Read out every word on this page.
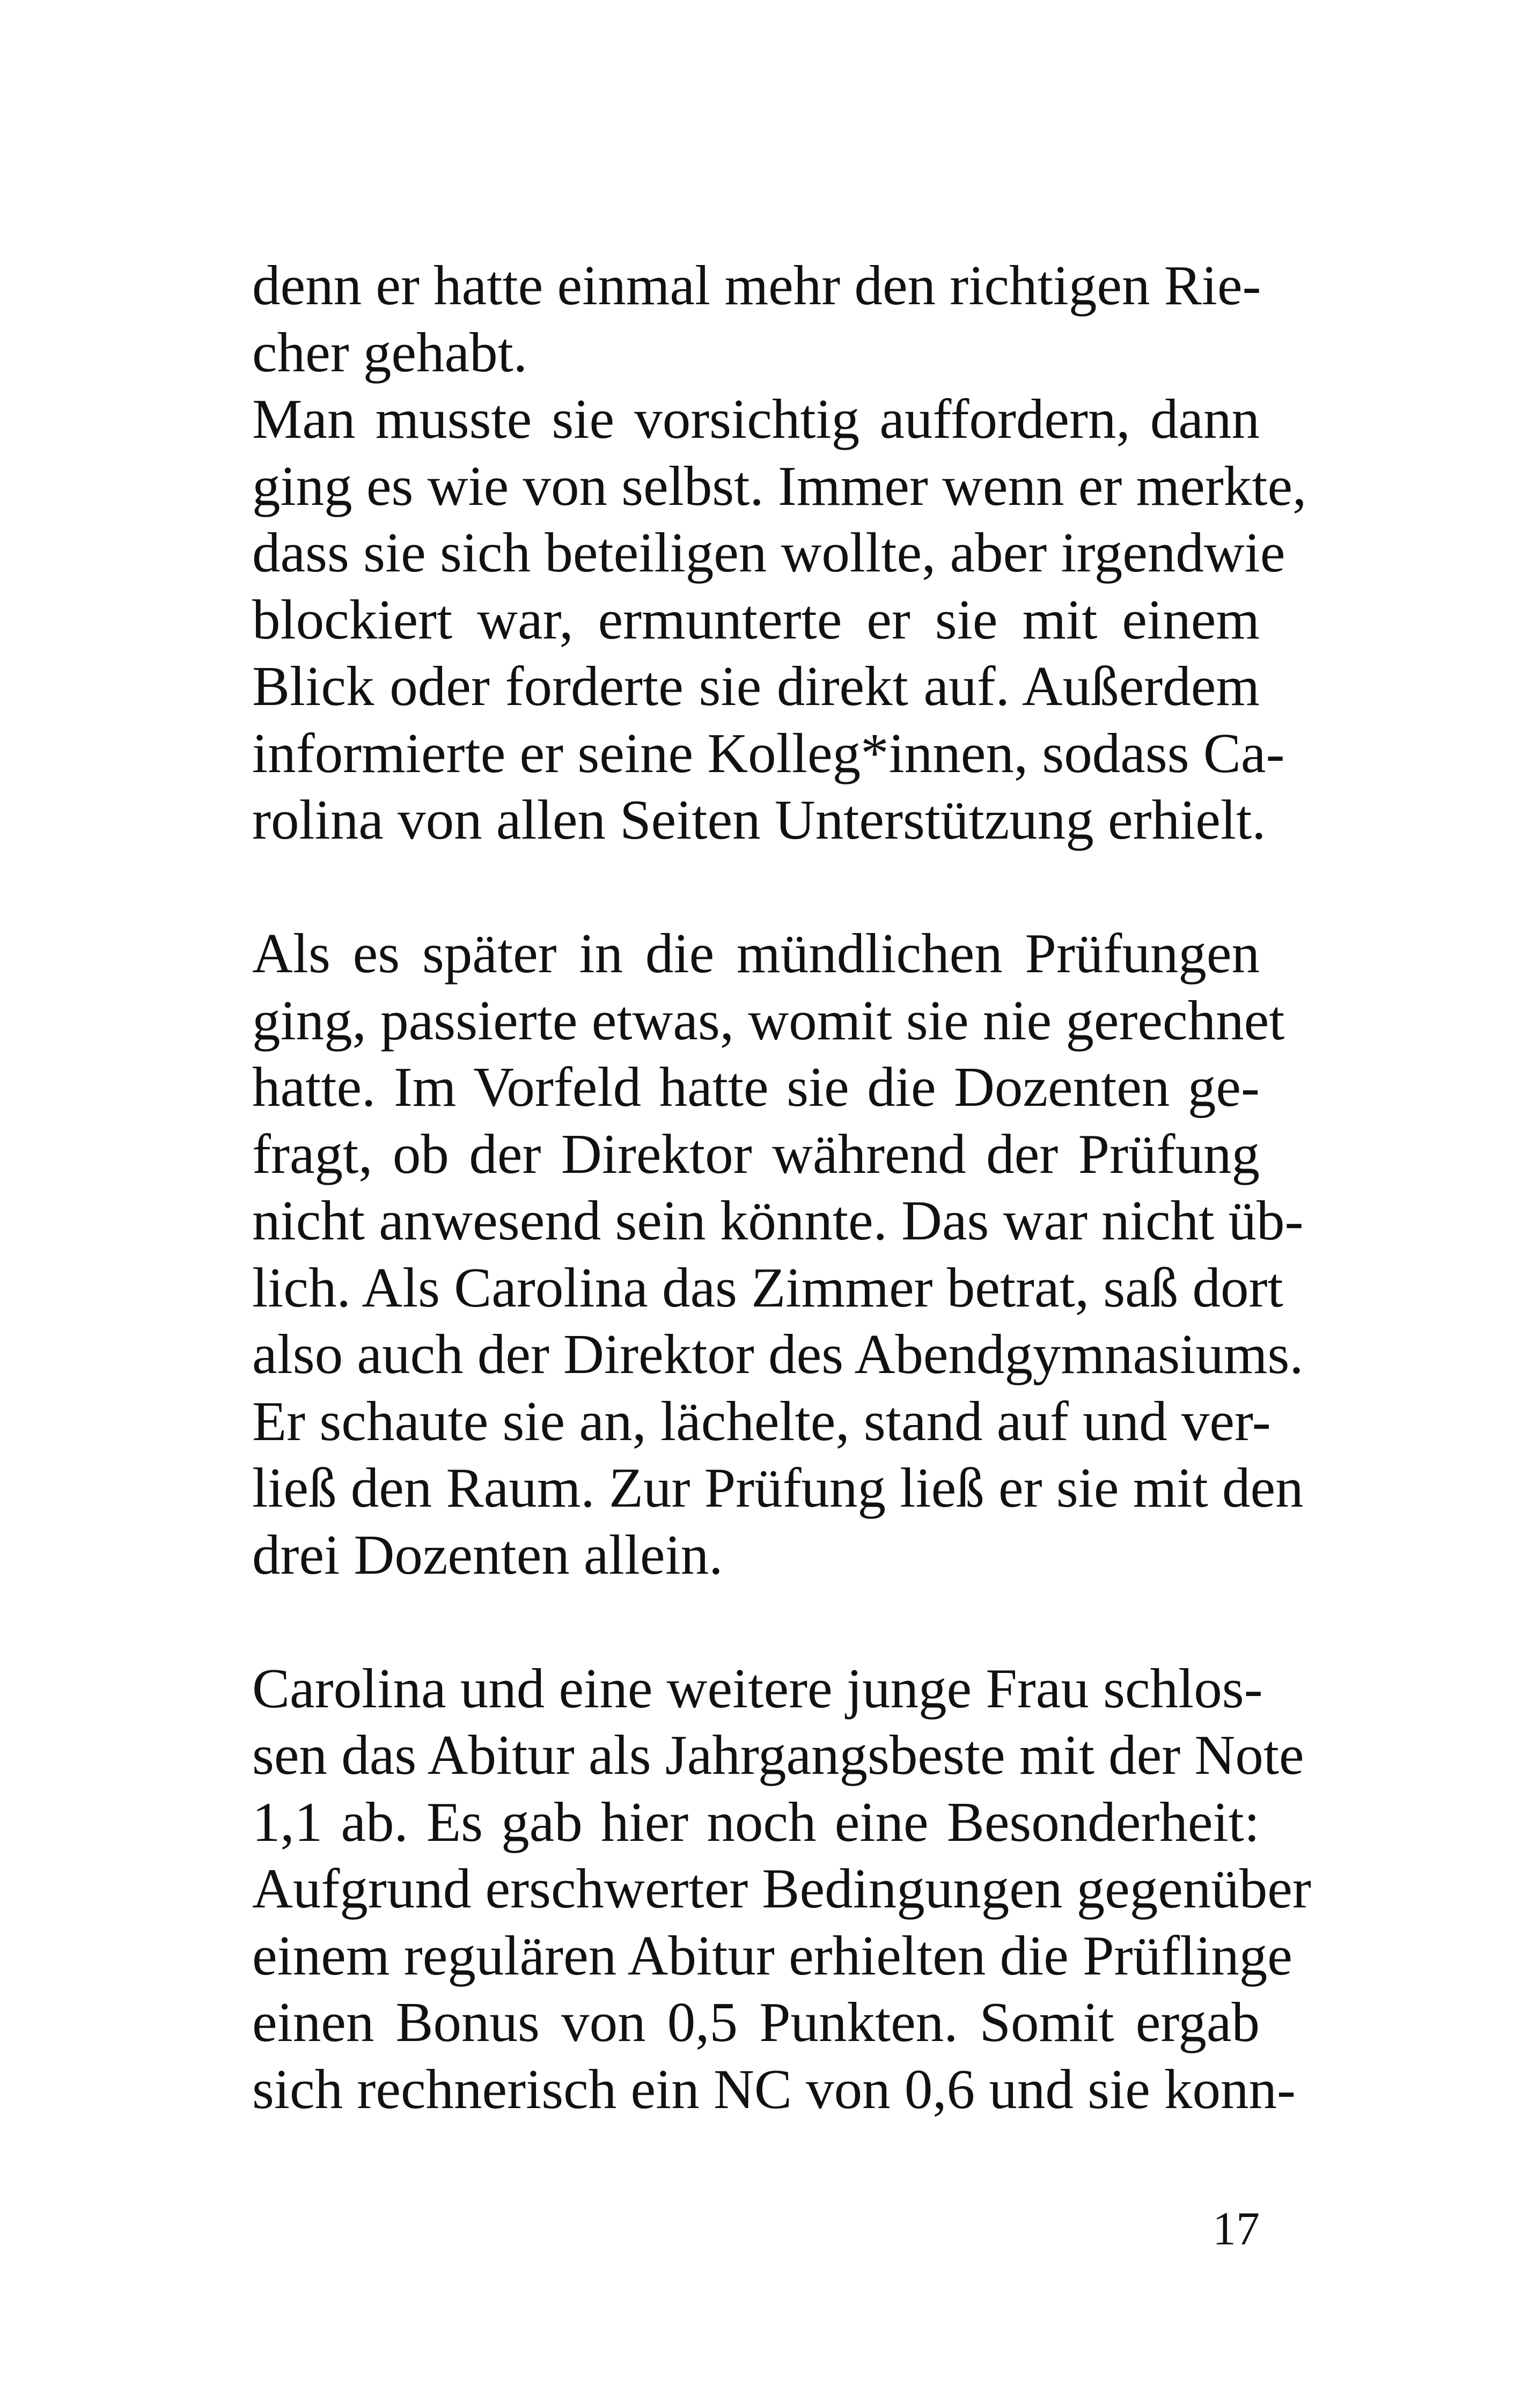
denn er hatte einmal mehr den richtigen Rie-
cher gehabt.

Man musste sie vorsichtig auffordern, dann
ging es wie von selbst. Immer wenn er merkte,
dass sie sich beteiligen wollte, aber irgendwie
blockiert war, ermunterte er sie mit einem
Blick oder forderte sie direkt auf. Außerdem
informierte er seine Kolleg*innen, sodass Ca-
rolina von allen Seiten Unterstützung erhielt.

Als es später in die mündlichen Prüfungen
ging, passierte etwas, womit sie nie gerechnet
hatte. Im Vorfeld hatte sie die Dozenten ge-
fragt, ob der Direktor während der Prüfung
nicht anwesend sein könnte. Das war nicht üb-
lich. Als Carolina das Zimmer betrat, saß dort
also auch der Direktor des Abendgymnasiums.
Er schaute sie an, lächelte, stand auf und ver-
ließ den Raum. Zur Prüfung ließ er sie mit den
drei Dozenten allein.

Carolina und eine weitere junge Frau schlos-
sen das Abitur als Jahrgangsbeste mit der Note
1,1 ab. Es gab hier noch eine Besonderheit:
Aufgrund erschwerter Bedingungen gegenüber
einem regulären Abitur erhielten die Prüflinge
einen Bonus von 0,5 Punkten. Somit ergab
sich rechnerisch ein NC von 0,6 und sie konn-

17
